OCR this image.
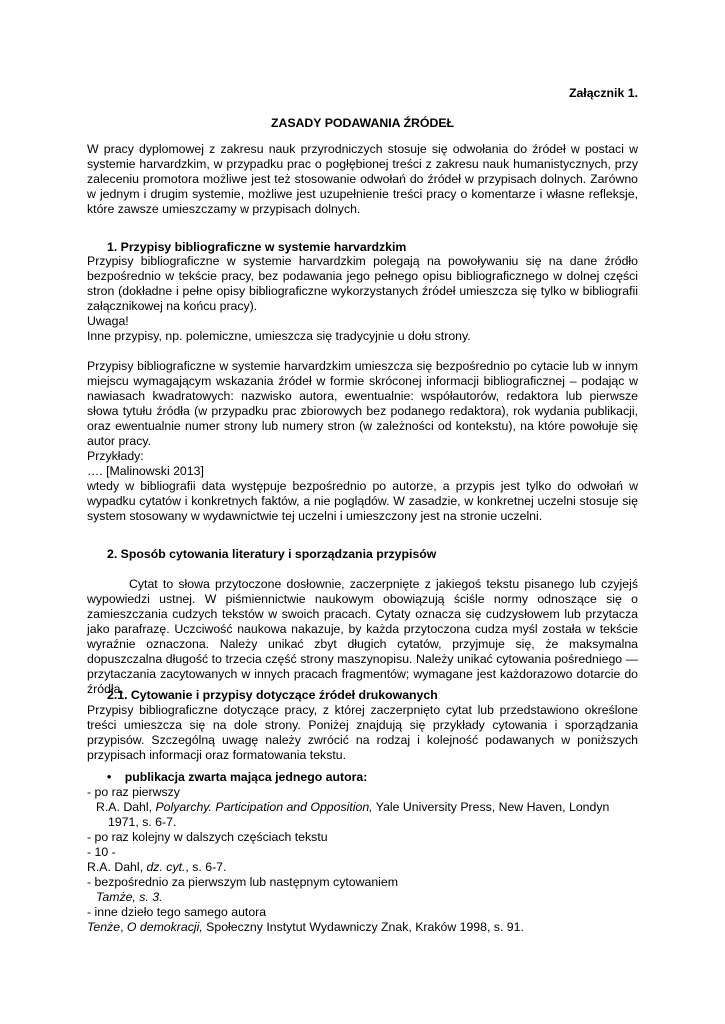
Załącznik 1.
ZASADY PODAWANIA ŹRÓDEŁ

W pracy dyplomowej z zakresu nauk przyrodniczych stosuje się odwołania do źródeł w postaci w systemie harvardzkim, w przypadku prac o pogłębionej treści z zakresu nauk humanistycznych, przy zaleceniu promotora możliwe jest też stosowanie odwołań do źródeł w przypisach dolnych. Zarówno w jednym i drugim systemie, możliwe jest uzupełnienie treści pracy o komentarze i własne refleksje, które zawsze umieszczamy w przypisach dolnych.

1. Przypisy bibliograficzne w systemie harvardzkim

Przypisy bibliograficzne w systemie harvardzkim polegają na powoływaniu się na dane źródło bezpośrednio w tekście pracy, bez podawania jego pełnego opisu bibliograficznego w dolnej części stron (dokładne i pełne opisy bibliograficzne wykorzystanych źródeł umieszcza się tylko w bibliografii załącznikowej na końcu pracy).

Uwaga!
Inne przypisy, np. polemiczne, umieszcza się tradycyjnie u dołu strony.

Przypisy bibliograficzne w systemie harvardzkim umieszcza się bezpośrednio po cytacie lub w innym miejscu wymagającym wskazania źródeł w formie skróconej informacji bibliograficznej – podając w nawiasach kwadratowych: nazwisko autora, ewentualnie: współautorów, redaktora lub pierwsze słowa tytułu źródła (w przypadku prac zbiorowych bez podanego redaktora), rok wydania publikacji, oraz ewentualnie numer strony lub numery stron (w zależności od kontekstu), na które powołuje się autor pracy.

Przykłady:
…. [Malinowski 2013]

wtedy w bibliografii data występuje bezpośrednio po autorze, a przypis jest tylko do odwołań w wypadku cytatów i konkretnych faktów, a nie poglądów. W zasadzie, w konkretnej uczelni stosuje się system stosowany w wydawnictwie tej uczelni i umieszczony jest na stronie uczelni.

2. Sposób cytowania literatury i sporządzania przypisów

Cytat to słowa przytoczone dosłownie, zaczerpnięte z jakiegoś tekstu pisanego lub czyjejś wypowiedzi ustnej. W piśmiennictwie naukowym obowiązują ściśle normy odnoszące się o zamieszczania cudzych tekstów w swoich pracach. Cytaty oznacza się cudzysłowem lub przytacza jako parafrazę. Uczciwość naukowa nakazuje, by każda przytoczona cudza myśl została w tekście wyraźnie oznaczona. Należy unikać zbyt długich cytatów, przyjmuje się, że maksymalna dopuszczalna długość to trzecia część strony maszynopisu. Należy unikać cytowania pośredniego — przytaczania zacytowanych w innych pracach fragmentów; wymagane jest każdorazowo dotarcie do źródła.

2.1. Cytowanie i przypisy dotyczące źródeł drukowanych

Przypisy bibliograficzne dotyczące pracy, z której zaczerpnięto cytat lub przedstawiono określone treści umieszcza się na dole strony. Poniżej znajdują się przykłady cytowania i sporządzania przypisów. Szczególną uwagę należy zwrócić na rodzaj i kolejność podawanych w poniższych przypisach informacji oraz formatowania tekstu.

• publikacja zwarta mająca jednego autora:
- po raz pierwszy
R.A. Dahl, Polyarchy. Participation and Opposition, Yale University Press, New Haven, Londyn
1971, s. 6-7.
- po raz kolejny w dalszych częściach tekstu
- 10 -
R.A. Dahl, dz. cyt., s. 6-7.
- bezpośrednio za pierwszym lub następnym cytowaniem
Tamże, s. 3.
- inne dzieło tego samego autora
Tenże, O demokracji, Społeczny Instytut Wydawniczy Znak, Kraków 1998, s. 91.
